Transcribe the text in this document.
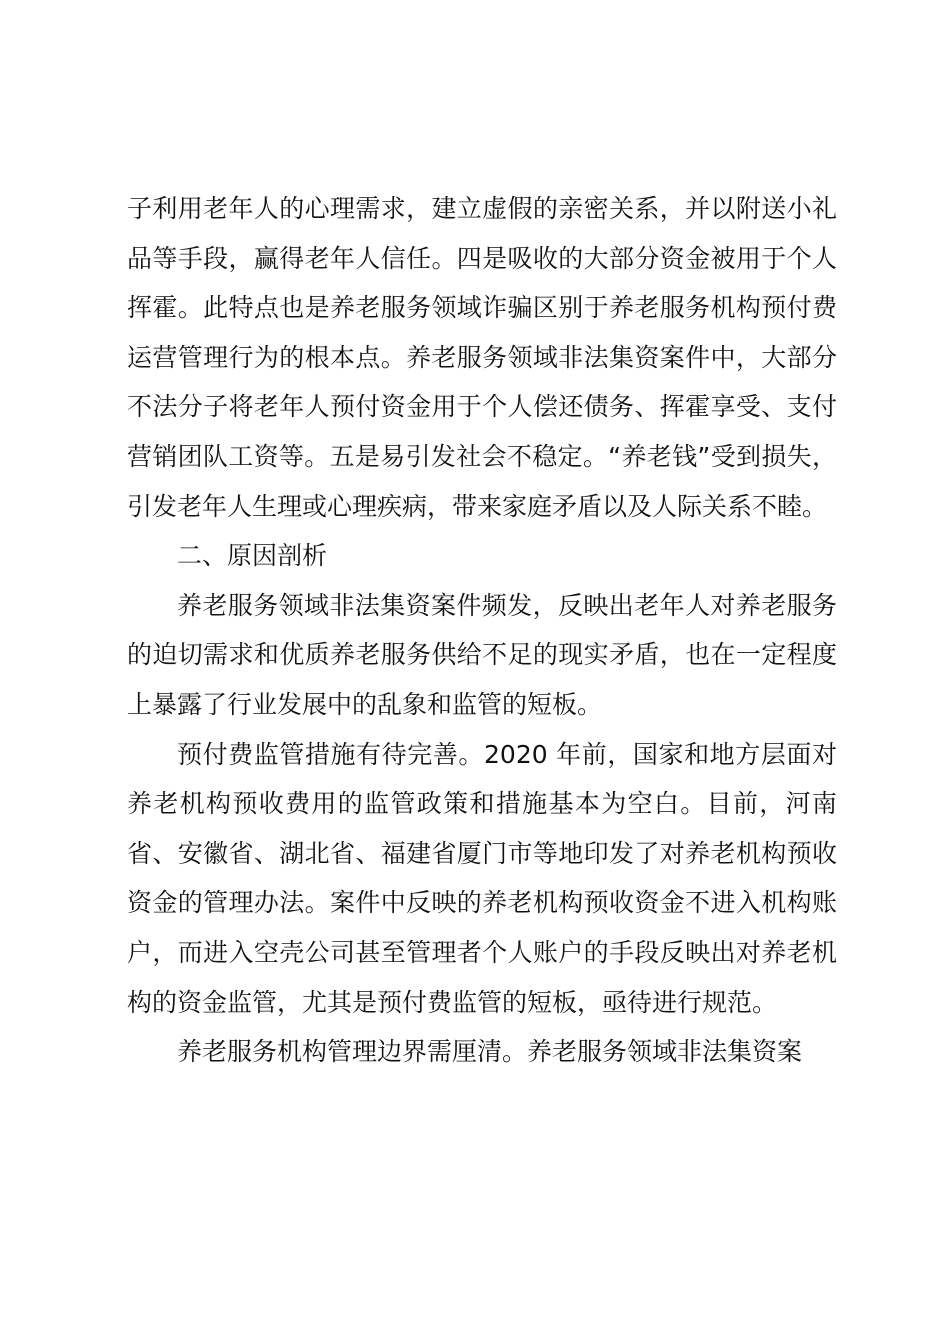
子利用老年人的心理需求，建立虚假的亲密关系，并以附送小礼品等手段，赢得老年人信任。四是吸收的大部分资金被用于个人挥霍。此特点也是养老服务领域诈骗区别于养老服务机构预付费运营管理行为的根本点。养老服务领域非法集资案件中，大部分不法分子将老年人预付资金用于个人偿还债务、挥霍享受、支付营销团队工资等。五是易引发社会不稳定。“养老钱”受到损失，引发老年人生理或心理疾病，带来家庭矛盾以及人际关系不睦。

二、原因剖析

养老服务领域非法集资案件频发，反映出老年人对养老服务的迫切需求和优质养老服务供给不足的现实矛盾，也在一定程度上暴露了行业发展中的乱象和监管的短板。

预付费监管措施有待完善。2020 年前，国家和地方层面对养老机构预收费用的监管政策和措施基本为空白。目前，河南省、安徽省、湖北省、福建省厦门市等地印发了对养老机构预收资金的管理办法。案件中反映的养老机构预收资金不进入机构账户，而进入空壳公司甚至管理者个人账户的手段反映出对养老机构的资金监管，尤其是预付费监管的短板，亟待进行规范。

养老服务机构管理边界需厘清。养老服务领域非法集资案
